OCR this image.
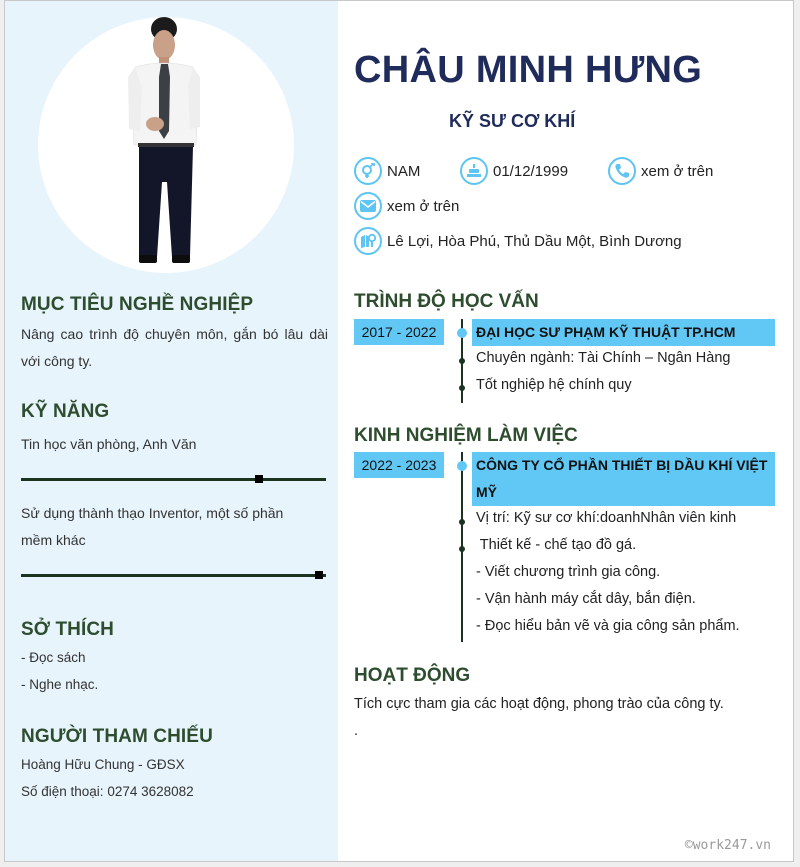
MỤC TIÊU NGHỀ NGHIỆP
Nâng cao trình độ chuyên môn, gắn bó lâu dài với công ty.
KỸ NĂNG
Tin học văn phòng, Anh Văn
Sử dụng thành thạo Inventor, một số phần mềm khác
SỞ THÍCH
- Đọc sách
- Nghe nhạc.
NGƯỜI THAM CHIẾU
Hoàng Hữu Chung - GĐSX
Số điện thoại: 0274 3628082
CHÂU MINH HƯNG
KỸ SƯ CƠ KHÍ
NAM	01/12/1999	xem ở trên
xem ở trên
Lê Lợi, Hòa Phú, Thủ Dầu Một, Bình Dương
TRÌNH ĐỘ HỌC VẤN
2017 - 2022	ĐẠI HỌC SƯ PHẠM KỸ THUẬT TP.HCM
Chuyên ngành: Tài Chính – Ngân Hàng
Tốt nghiệp hệ chính quy
KINH NGHIỆM LÀM VIỆC
2022 - 2023	CÔNG TY CỔ PHẦN THIẾT BỊ DẦU KHÍ VIỆT
MỸ
Vị trí: Kỹ sư cơ khí:doanhNhân viên kinh
Thiết kế - chế tạo đồ gá.
- Viết chương trình gia công.
- Vận hành máy cắt dây, bắn điện.
- Đọc hiểu bản vẽ và gia công sản phẩm.
HOẠT ĐỘNG
Tích cực tham gia các hoạt động, phong trào của công ty.
.
©work247.vn
